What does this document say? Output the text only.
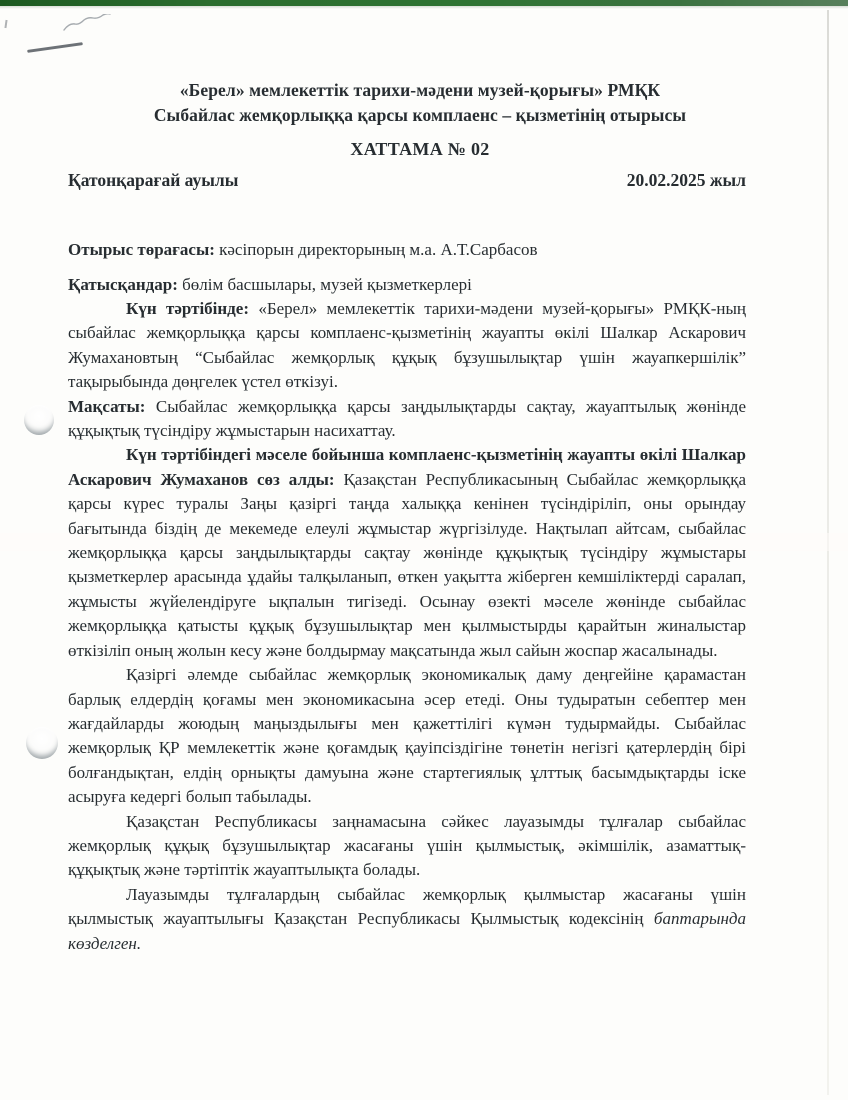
«Берел» мемлекеттік тарихи-мәдени музей-қорығы» РМҚК
Сыбайлас жемқорлыққа қарсы комплаенс – қызметінің отырысы
ХАТТАМА № 02
Қатонқарағай ауылы	20.02.2025 жыл
Отырыс төрағасы: кәсіпорын директорының м.а. А.Т.Сарбасов
Қатысқандар: бөлім басшылары, музей қызметкерлері

Күн тәртібінде: «Берел» мемлекеттік тарихи-мәдени музей-қорығы» РМҚК-ның сыбайлас жемқорлыққа қарсы комплаенс-қызметінің жауапты өкілі Шалкар Аскарович Жумахановтың “Сыбайлас жемқорлық құқық бұзушылықтар үшін жауапкершілік” тақырыбында дөңгелек үстел өткізуі.

Мақсаты: Сыбайлас жемқорлыққа қарсы заңдылықтарды сақтау, жауаптылық жөнінде құқықтық түсіндіру жұмыстарын насихаттау.

Күн тәртібіндегі мәселе бойынша комплаенс-қызметінің жауапты өкілі Шалкар Аскарович Жумаханов сөз алды: Қазақстан Республикасының Сыбайлас жемқорлыққа қарсы күрес туралы Заңы қазіргі таңда халыққа кенінен түсіндіріліп, оны орындау бағытында біздің де мекемеде елеулі жұмыстар жүргізілуде. Нақтылап айтсам, сыбайлас жемқорлыққа қарсы заңдылықтарды сақтау жөнінде құқықтық түсіндіру жұмыстары қызметкерлер арасында ұдайы талқыланып, өткен уақытта жіберген кемшіліктерді саралап, жұмысты жүйелендіруге ықпалын тигізеді. Осынау өзекті мәселе жөнінде сыбайлас жемқорлыққа қатысты құқық бұзушылықтар мен қылмыстырды қарайтын жиналыстар өткізіліп оның жолын кесу және болдырмау мақсатында жыл сайын жоспар жасалынады.

Қазіргі әлемде сыбайлас жемқорлық экономикалық даму деңгейіне қарамастан барлық елдердің қоғамы мен экономикасына әсер етеді. Оны тудыратын себептер мен жағдайларды жоюдың маңыздылығы мен қажеттілігі күмән тудырмайды. Сыбайлас жемқорлық ҚР мемлекеттік және қоғамдық қауіпсіздігіне төнетін негізгі қатерлердің бірі болғандықтан, елдің орнықты дамуына және стартегиялық ұлттық басымдықтарды іске асыруға кедергі болып табылады.

Қазақстан Республикасы заңнамасына сәйкес лауазымды тұлғалар сыбайлас жемқорлық құқық бұзушылықтар жасағаны үшін қылмыстық, әкімшілік, азаматтық-құқықтық және тәртіптік жауаптылықта болады.

Лауазымды тұлғалардың сыбайлас жемқорлық қылмыстар жасағаны үшін қылмыстық жауаптылығы Қазақстан Республикасы Қылмыстық кодексінің баптарында көзделген.
